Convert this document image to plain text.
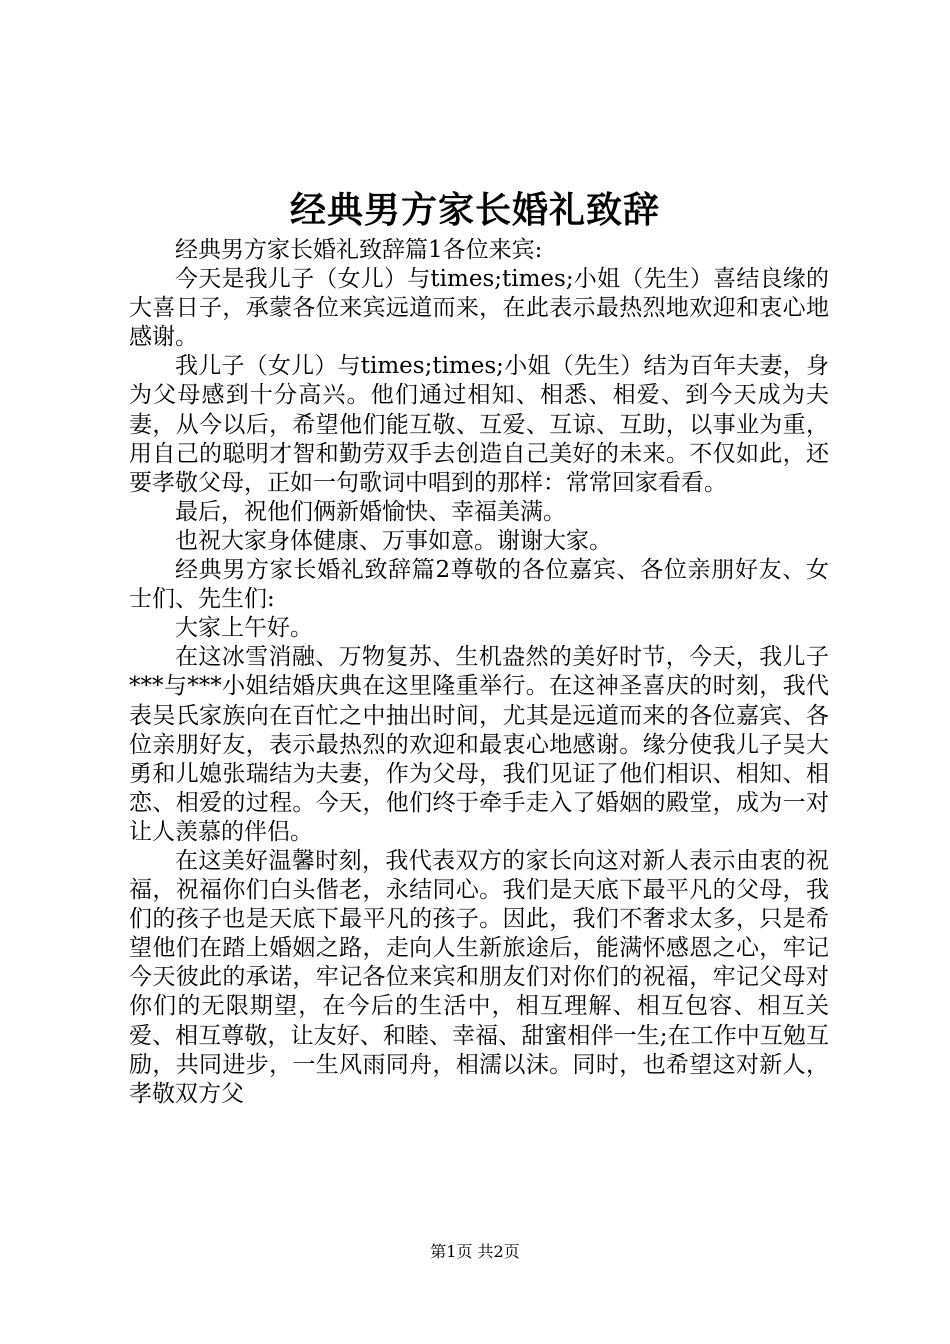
经典男方家长婚礼致辞

经典男方家长婚礼致辞篇1各位来宾:

今天是我儿子（女儿）与times;times;小姐（先生）喜结良缘的大喜日子，承蒙各位来宾远道而来，在此表示最热烈地欢迎和衷心地感谢。

我儿子（女儿）与times;times;小姐（先生）结为百年夫妻，身为父母感到十分高兴。他们通过相知、相悉、相爱、到今天成为夫妻，从今以后，希望他们能互敬、互爱、互谅、互助，以事业为重，用自己的聪明才智和勤劳双手去创造自己美好的未来。不仅如此，还要孝敬父母，正如一句歌词中唱到的那样：常常回家看看。

最后，祝他们俩新婚愉快、幸福美满。

也祝大家身体健康、万事如意。谢谢大家。

经典男方家长婚礼致辞篇2尊敬的各位嘉宾、各位亲朋好友、女士们、先生们:

大家上午好。

在这冰雪消融、万物复苏、生机盎然的美好时节，今天，我儿子***与***小姐结婚庆典在这里隆重举行。在这神圣喜庆的时刻，我代表吴氏家族向在百忙之中抽出时间，尤其是远道而来的各位嘉宾、各位亲朋好友，表示最热烈的欢迎和最衷心地感谢。缘分使我儿子吴大勇和儿媳张瑞结为夫妻，作为父母，我们见证了他们相识、相知、相恋、相爱的过程。今天，他们终于牵手走入了婚姻的殿堂，成为一对让人羡慕的伴侣。

在这美好温馨时刻，我代表双方的家长向这对新人表示由衷的祝福，祝福你们白头偕老，永结同心。我们是天底下最平凡的父母，我们的孩子也是天底下最平凡的孩子。因此，我们不奢求太多，只是希望他们在踏上婚姻之路，走向人生新旅途后，能满怀感恩之心，牢记今天彼此的承诺，牢记各位来宾和朋友们对你们的祝福，牢记父母对你们的无限期望，在今后的生活中，相互理解、相互包容、相互关爱、相互尊敬，让友好、和睦、幸福、甜蜜相伴一生;在工作中互勉互励，共同进步，一生风雨同舟，相濡以沫。同时，也希望这对新人，孝敬双方父

第1页 共2页
